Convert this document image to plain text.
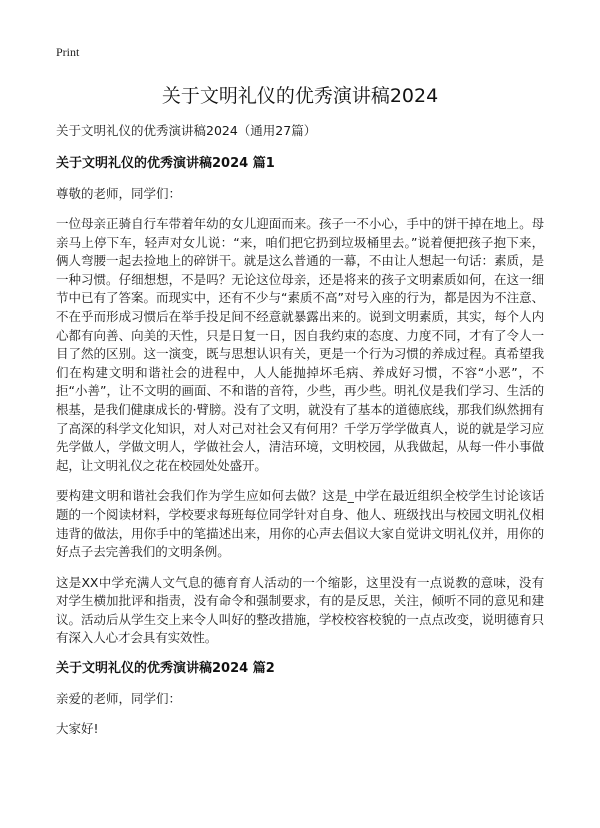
Print

关于文明礼仪的优秀演讲稿2024

关于文明礼仪的优秀演讲稿2024（通用27篇）

关于文明礼仪的优秀演讲稿2024 篇1

尊敬的老师，同学们：

一位母亲正骑自行车带着年幼的女儿迎面而来。孩子一不小心，手中的饼干掉在地上。母亲马上停下车，轻声对女儿说：“来，咱们把它扔到垃圾桶里去。”说着便把孩子抱下来，俩人弯腰一起去捡地上的碎饼干。就是这么普通的一幕，不由让人想起一句话：素质，是一种习惯。仔细想想，不是吗？无论这位母亲，还是将来的孩子文明素质如何，在这一细节中已有了答案。而现实中，还有不少与“素质不高”对号入座的行为，都是因为不注意、不在乎而形成习惯后在举手投足间不经意就暴露出来的。说到文明素质，其实，每个人内心都有向善、向美的天性，只是日复一日，因自我约束的态度、力度不同，才有了令人一目了然的区别。这一演变，既与思想认识有关，更是一个行为习惯的养成过程。真希望我们在构建文明和谐社会的进程中，人人能抛掉坏毛病、养成好习惯，不容“小恶”，不拒“小善”，让不文明的画面、不和谐的音符，少些，再少些。明礼仪是我们学习、生活的根基，是我们健康成长的·臂膀。没有了文明，就没有了基本的道德底线，那我们纵然拥有了高深的科学文化知识，对人对己对社会又有何用？千学万学学做真人，说的就是学习应先学做人，学做文明人，学做社会人，清洁环境，文明校园，从我做起，从每一件小事做起，让文明礼仪之花在校园处处盛开。

要构建文明和谐社会我们作为学生应如何去做？这是_中学在最近组织全校学生讨论该话题的一个阅读材料，学校要求每班每位同学针对自身、他人、班级找出与校园文明礼仪相违背的做法，用你手中的笔描述出来，用你的心声去倡议大家自觉讲文明礼仪并，用你的好点子去完善我们的文明条例。

这是XX中学充满人文气息的德育育人活动的一个缩影，这里没有一点说教的意味，没有对学生横加批评和指责，没有命令和强制要求，有的是反思，关注，倾听不同的意见和建议。活动后从学生交上来令人叫好的整改措施，学校校容校貌的一点点改变，说明德育只有深入人心才会具有实效性。

关于文明礼仪的优秀演讲稿2024 篇2

亲爱的老师，同学们：

大家好!
